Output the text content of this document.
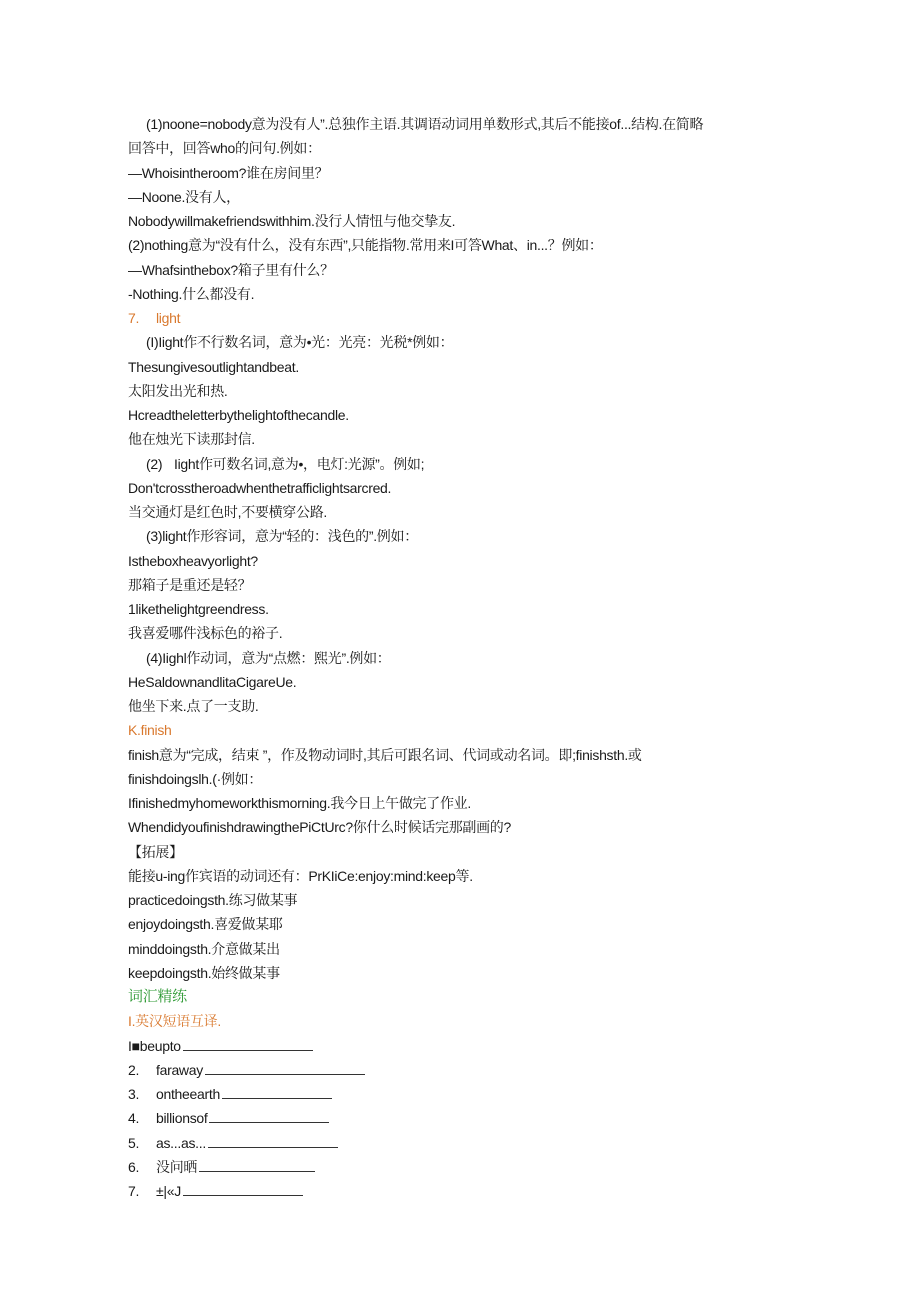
(1)noone=nobody意为没有人”.总独作主语.其调语动词用单数形式,其后不能接of...结构.在简略
回答中，回答who的问句.例如：
—Whoisintheroom?谁在房间里？
—Noone.没有人，
Nobodywillmakefriendswithhim.没行人情忸与他交挚友.
(2)nothing意为“没有什么，没有东西”,只能指物.常用来I可答What、in...？例如：
—Whafsinthebox?箱子里有什么？
-Nothing.什么都没有.
7. light
(I)Iight作不行数名词，意为•光：光亮：光税*例如：
Thesungivesoutlightandbeat.
太阳发出光和热.
Hcreadtheletterbythelightofthecandle.
他在烛光下读那封信.
(2) Iight作可数名词,意为•，电灯:光源”。例如;
Don'tcrosstheroadwhenthetrafficlightsarcred.
当交通灯是红色时,不要横穿公路.
(3)light作形容词，意为“轻的：浅色的”.例如：
Istheboxheavyorlight?
那箱子是重还是轻？
1likethelightgreendress.
我喜爱哪件浅标色的裕子.
(4)Iighl作动词，意为“点燃：熙光”.例如：
HeSaldownandlitaCigareUe.
他坐下来.点了一支助.
K.finish
finish意为“完成，结束 ”，作及物动词时,其后可跟名词、代词或动名词。即;finishsth.或
finishdoingslh.(·例如：
Ifinishedmyhomeworkthismorning.我今日上午做完了作业.
WhendidyoufinishdrawingthePiCtUrc?你什么时候话完那副画的?
【拓展】
能接u-ing作宾语的动词还有：PrKIiCe:enjoy:mind:keep等.
practicedoingsth.练习做某事
enjoydoingsth.喜爱做某耶
minddoingsth.介意做某出
keepdoingsth.始终做某事
词汇精练
I.英汉短语互译.
I■beupto
2. faraway
3. ontheearth
4. billionsof
5. as...as...
6. 没问晒
7. ±|«J
